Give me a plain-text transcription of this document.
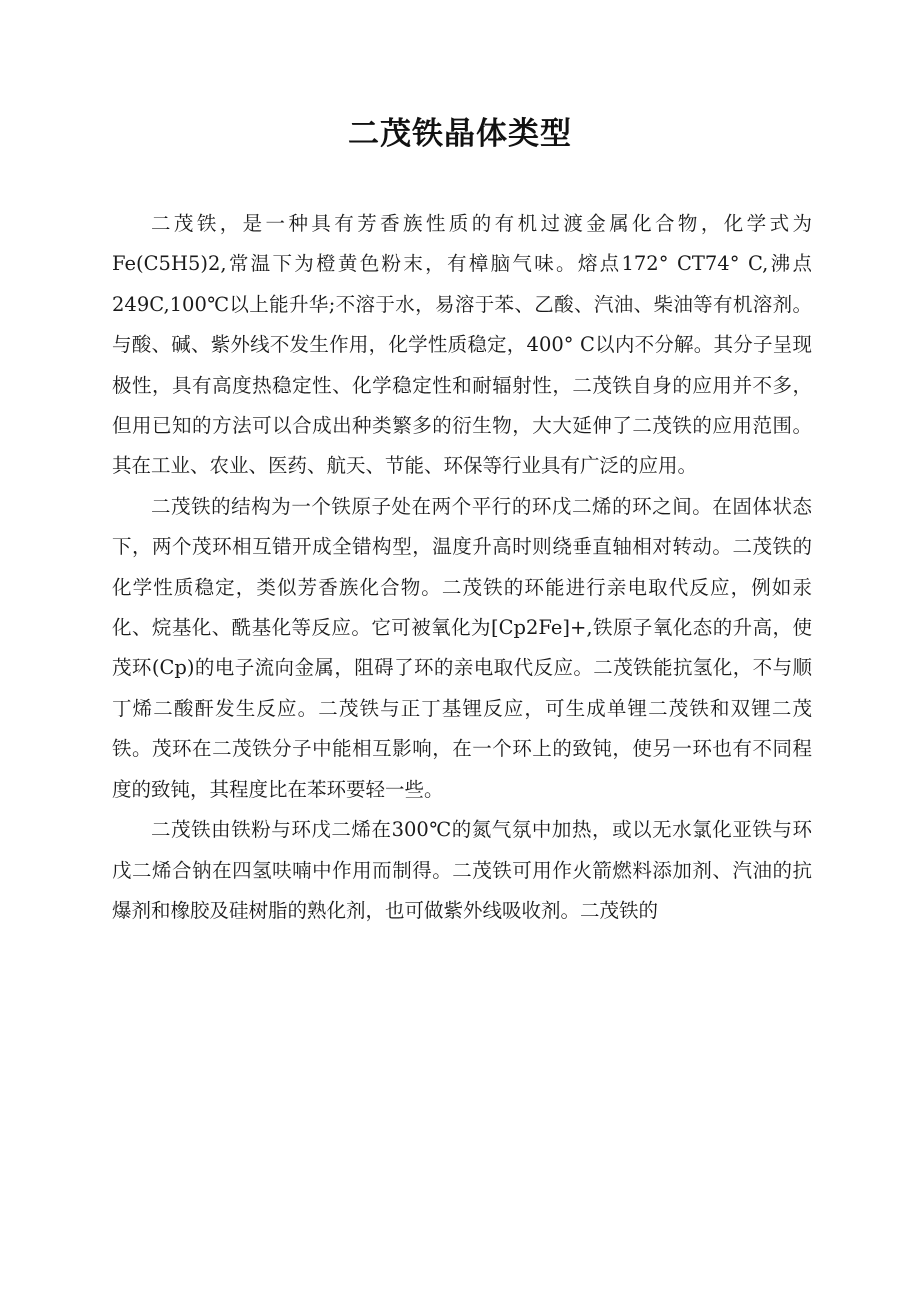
二茂铁晶体类型

二茂铁，是一种具有芳香族性质的有机过渡金属化合物，化学式为Fe(C5H5)2,常温下为橙黄色粉末，有樟脑气味。熔点172° CT74° C,沸点249C,100℃以上能升华;不溶于水，易溶于苯、乙酸、汽油、柴油等有机溶剂。与酸、碱、紫外线不发生作用，化学性质稳定，400° C以内不分解。其分子呈现极性，具有高度热稳定性、化学稳定性和耐辐射性，二茂铁自身的应用并不多，但用已知的方法可以合成出种类繁多的衍生物，大大延伸了二茂铁的应用范围。其在工业、农业、医药、航天、节能、环保等行业具有广泛的应用。

二茂铁的结构为一个铁原子处在两个平行的环戊二烯的环之间。在固体状态下，两个茂环相互错开成全错构型，温度升高时则绕垂直轴相对转动。二茂铁的化学性质稳定，类似芳香族化合物。二茂铁的环能进行亲电取代反应，例如汞化、烷基化、酰基化等反应。它可被氧化为[Cp2Fe]+,铁原子氧化态的升高，使茂环(Cp)的电子流向金属，阻碍了环的亲电取代反应。二茂铁能抗氢化，不与顺丁烯二酸酐发生反应。二茂铁与正丁基锂反应，可生成单锂二茂铁和双锂二茂铁。茂环在二茂铁分子中能相互影响，在一个环上的致钝，使另一环也有不同程度的致钝，其程度比在苯环要轻一些。

二茂铁由铁粉与环戊二烯在300℃的氮气氛中加热，或以无水氯化亚铁与环戊二烯合钠在四氢呋喃中作用而制得。二茂铁可用作火箭燃料添加剂、汽油的抗爆剂和橡胶及硅树脂的熟化剂，也可做紫外线吸收剂。二茂铁的
